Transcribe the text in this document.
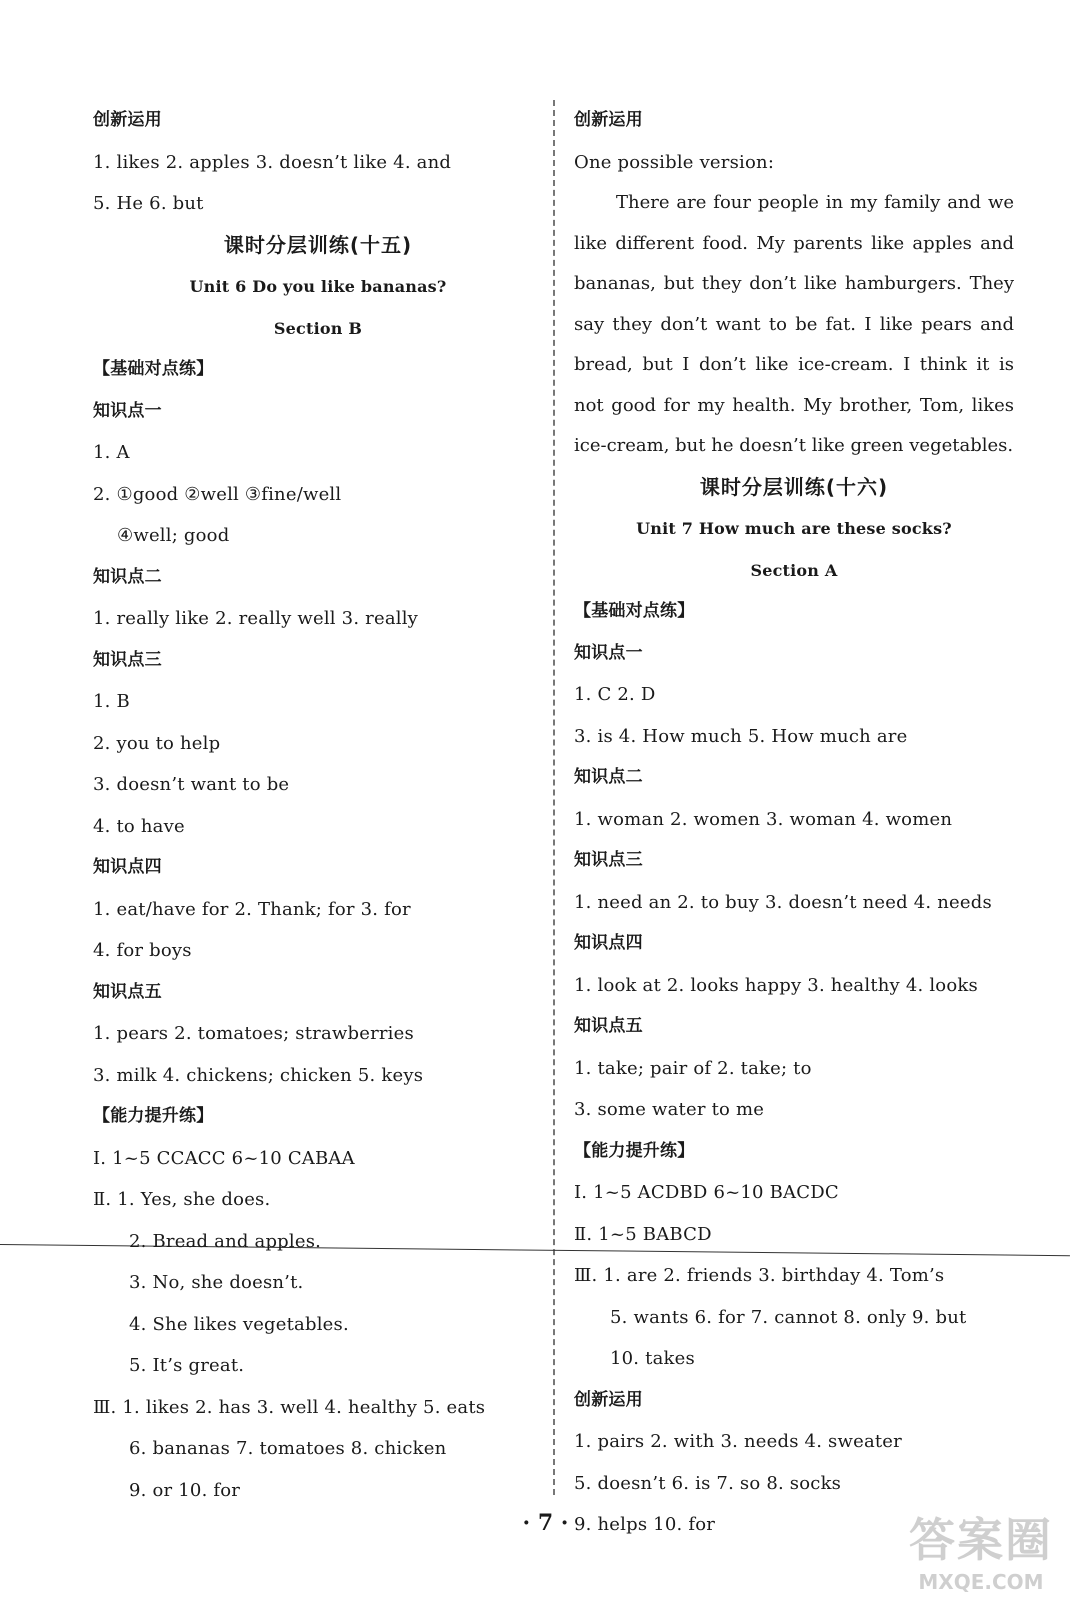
创新运用
1. likes 2. apples 3. doesn’t like 4. and
5. He 6. but
课时分层训练(十五)
Unit 6 Do you like bananas?
Section B
【基础对点练】
知识点一
1. A
2. ①good ②well ③fine/well
④well; good
知识点二
1. really like 2. really well 3. really
知识点三
1. B
2. you to help
3. doesn’t want to be
4. to have
知识点四
1. eat/have for 2. Thank; for 3. for
4. for boys
知识点五
1. pears 2. tomatoes; strawberries
3. milk 4. chickens; chicken 5. keys
【能力提升练】
Ⅰ. 1~5 CCACC 6~10 CABAA
Ⅱ. 1. Yes, she does.
2. Bread and apples.
3. No, she doesn’t.
4. She likes vegetables.
5. It’s great.
Ⅲ. 1. likes 2. has 3. well 4. healthy 5. eats
6. bananas 7. tomatoes 8. chicken
9. or 10. for
创新运用
One possible version:
There are four people in my family and we like different food. My parents like apples and bananas, but they don’t like hamburgers. They say they don’t want to be fat. I like pears and bread, but I don’t like ice-cream. I think it is not good for my health. My brother, Tom, likes ice-cream, but he doesn’t like green vegetables.
课时分层训练(十六)
Unit 7 How much are these socks?
Section A
【基础对点练】
知识点一
1. C 2. D
3. is 4. How much 5. How much are
知识点二
1. woman 2. women 3. woman 4. women
知识点三
1. need an 2. to buy 3. doesn’t need 4. needs
知识点四
1. look at 2. looks happy 3. healthy 4. looks
知识点五
1. take; pair of 2. take; to
3. some water to me
【能力提升练】
Ⅰ. 1~5 ACDBD 6~10 BACDC
Ⅱ. 1~5 BABCD
Ⅲ. 1. are 2. friends 3. birthday 4. Tom’s
5. wants 6. for 7. cannot 8. only 9. but
10. takes
创新运用
1. pairs 2. with 3. needs 4. sweater
5. doesn’t 6. is 7. so 8. socks
9. helps 10. for
· 7 ·	答案圈
MXQE.COM
